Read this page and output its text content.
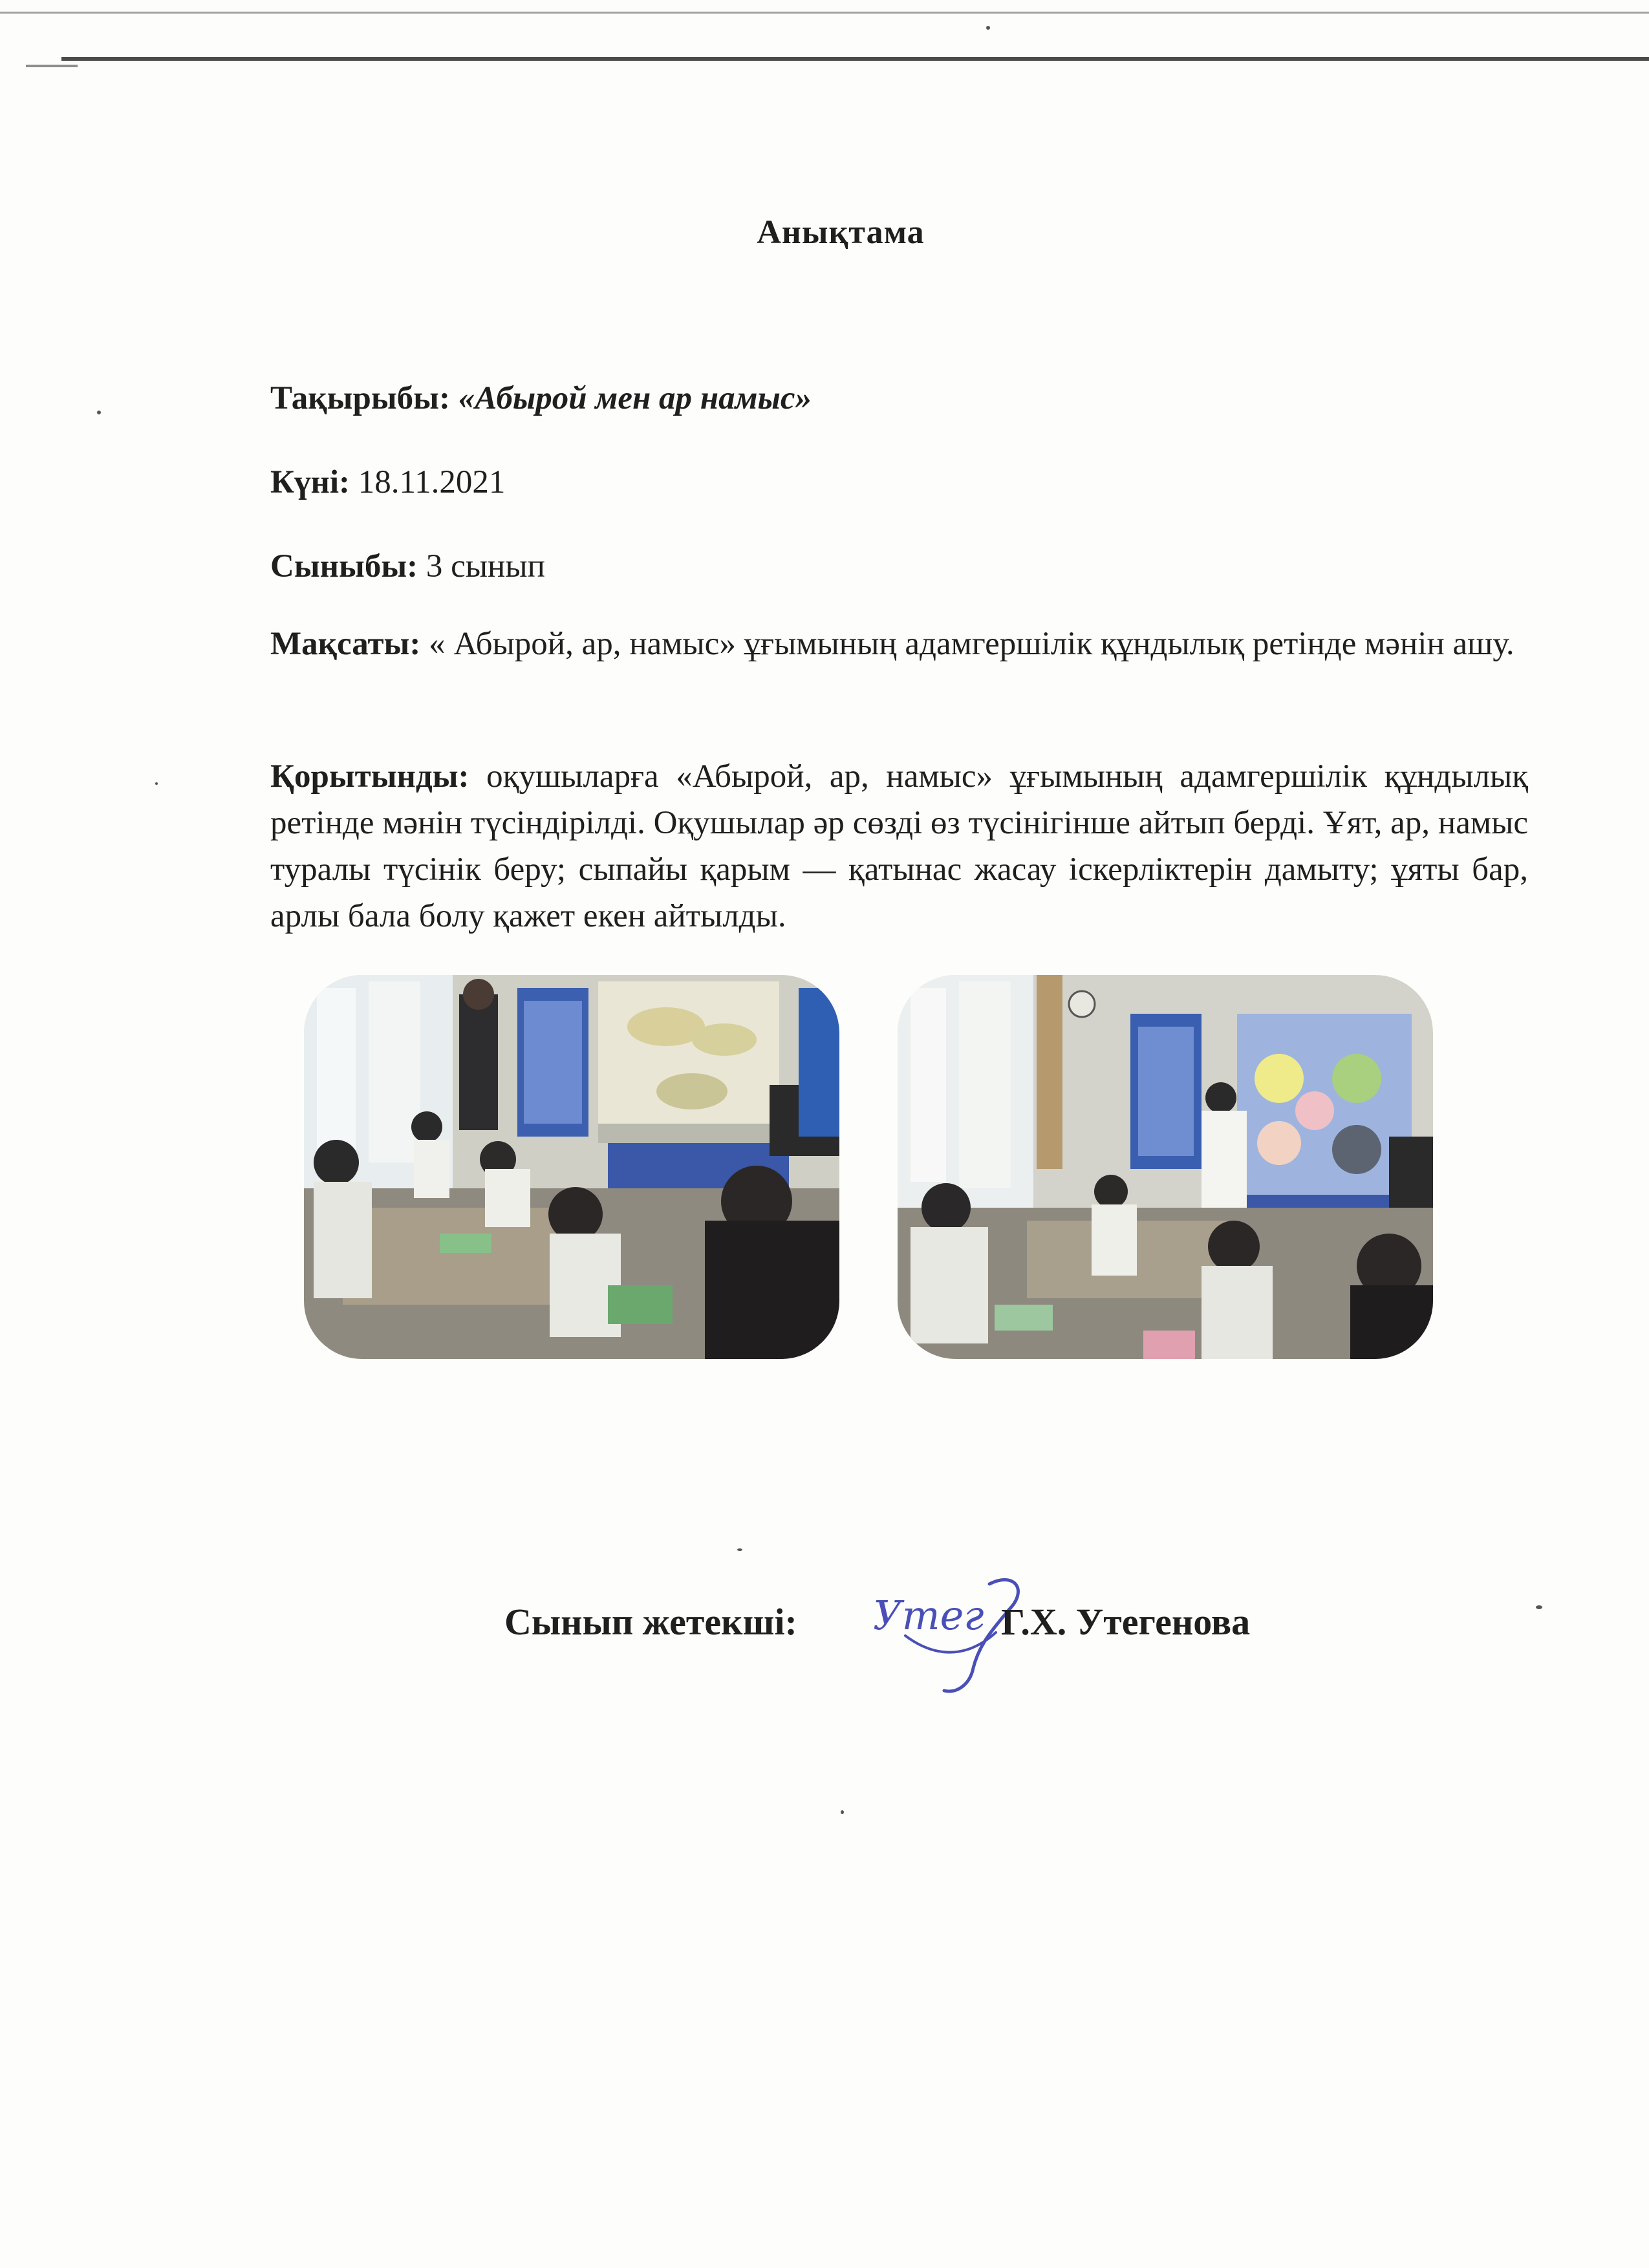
Анықтама
Тақырыбы: «Абырой мен ар намыс»
Күні: 18.11.2021
Сыныбы: 3 сынып
Мақсаты: « Абырой, ар, намыс» ұғымының адамгершілік құндылық ретінде мәнін ашу.
Қорытынды: оқушыларға «Абырой, ар, намыс» ұғымының адамгершілік құндылық ретінде мәнін түсіндірілді. Оқушылар әр сөзді өз түсінігінше айтып берді. Ұят, ар, намыс туралы түсінік беру; сыпайы қарым — қатынас жасау іскерліктерін дамыту; ұяты бар, арлы бала болу қажет екен айтылды.
Сынып жетекші: Утег Г.Х. Утегенова
